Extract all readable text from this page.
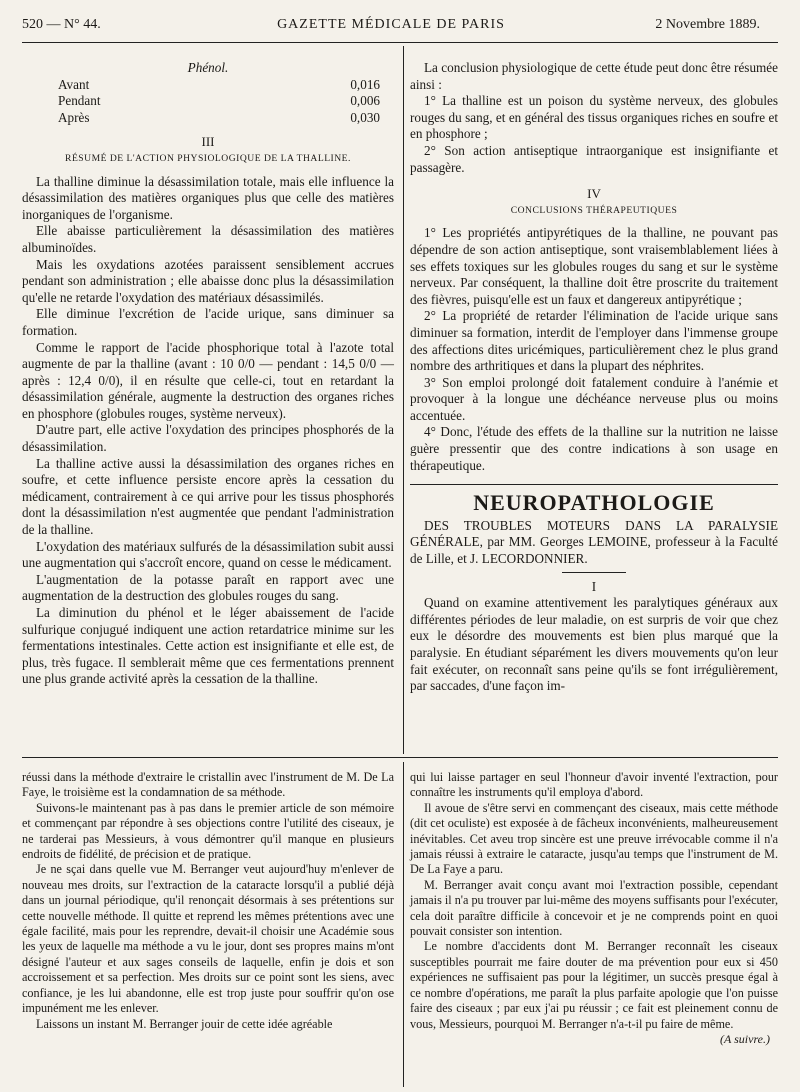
520 — N° 44.	GAZETTE MÉDICALE DE PARIS	2 Novembre 1889.
Phénol.
Avant	0,016
Pendant	0,006
Après	0,030
III
RÉSUMÉ DE L'ACTION PHYSIOLOGIQUE DE LA THALLINE.

La thalline diminue la désassimilation totale, mais elle influence la désassimilation des matières organiques plus que celle des matières inorganiques de l'organisme.

Elle abaisse particulièrement la désassimilation des matières albuminoïdes.

Mais les oxydations azotées paraissent sensiblement accrues pendant son administration ; elle abaisse donc plus la désassimilation qu'elle ne retarde l'oxydation des matériaux désassimilés.

Elle diminue l'excrétion de l'acide urique, sans diminuer sa formation.

Comme le rapport de l'acide phosphorique total à l'azote total augmente de par la thalline (avant : 10 0/0 — pendant : 14,5 0/0 — après : 12,4 0/0), il en résulte que celle-ci, tout en retardant la désassimilation générale, augmente la destruction des organes riches en phosphore (globules rouges, système nerveux).

D'autre part, elle active l'oxydation des principes phosphorés de la désassimilation.

La thalline active aussi la désassimilation des organes riches en soufre, et cette influence persiste encore après la cessation du médicament, contrairement à ce qui arrive pour les tissus phosphorés dont la désassimilation n'est augmentée que pendant l'administration de la thalline.

L'oxydation des matériaux sulfurés de la désassimilation subit aussi une augmentation qui s'accroît encore, quand on cesse le médicament.

L'augmentation de la potasse paraît en rapport avec une augmentation de la destruction des globules rouges du sang.

La diminution du phénol et le léger abaissement de l'acide sulfurique conjugué indiquent une action retardatrice minime sur les fermentations intestinales. Cette action est insignifiante et elle est, de plus, très fugace. Il semblerait même que ces fermentations prennent une plus grande activité après la cessation de la thalline.

La conclusion physiologique de cette étude peut donc être résumée ainsi :

1° La thalline est un poison du système nerveux, des globules rouges du sang, et en général des tissus organiques riches en soufre et en phosphore ;

2° Son action antiseptique intraorganique est insignifiante et passagère.

IV
CONCLUSIONS THÉRAPEUTIQUES

1° Les propriétés antipyrétiques de la thalline, ne pouvant pas dépendre de son action antiseptique, sont vraisemblablement liées à ses effets toxiques sur les globules rouges du sang et sur le système nerveux. Par conséquent, la thalline doit être proscrite du traitement des fièvres, puisqu'elle est un faux et dangereux antipyrétique ;

2° La propriété de retarder l'élimination de l'acide urique sans diminuer sa formation, interdit de l'employer dans l'immense groupe des affections dites uricémiques, particulièrement chez le plus grand nombre des arthritiques et dans la plupart des néphrites.

3° Son emploi prolongé doit fatalement conduire à l'anémie et provoquer à la longue une déchéance nerveuse plus ou moins accentuée.

4° Donc, l'étude des effets de la thalline sur la nutrition ne laisse guère pressentir que des contre indications à son usage en thérapeutique.

NEUROPATHOLOGIE

DES TROUBLES MOTEURS DANS LA PARALYSIE GÉNÉRALE, par MM. Georges LEMOINE, professeur à la Faculté de Lille, et J. LECORDONNIER.

I

Quand on examine attentivement les paralytiques généraux aux différentes périodes de leur maladie, on est surpris de voir que chez eux le désordre des mouvements est bien plus marqué que la paralysie. En étudiant séparément les divers mouvements qu'on leur fait exécuter, on reconnaît sans peine qu'ils se font irrégulièrement, par saccades, d'une façon im-

réussi dans la méthode d'extraire le cristallin avec l'instrument de M. De La Faye, le troisième est la condamnation de sa méthode.

Suivons-le maintenant pas à pas dans le premier article de son mémoire et commençant par répondre à ses objections contre l'utilité des ciseaux, je ne tarderai pas Messieurs, à vous démontrer qu'il manque en plusieurs endroits de fidélité, de précision et de pratique.

Je ne sçai dans quelle vue M. Berranger veut aujourd'huy m'enlever de nouveau mes droits, sur l'extraction de la cataracte lorsqu'il a publié déjà dans un journal périodique, qu'il renonçait désormais à ses prétentions sur cette nouvelle méthode. Il quitte et reprend les mêmes prétentions avec une égale facilité, mais pour les reprendre, devait-il choisir une Académie sous les yeux de laquelle ma méthode a vu le jour, dont ses propres mains m'ont désigné l'auteur et aux sages conseils de laquelle, enfin je dois et son accroissement et sa perfection. Mes droits sur ce point sont les siens, avec confiance, je les lui abandonne, elle est trop juste pour souffrir qu'on ose impunément me les enlever.

Laissons un instant M. Berranger jouir de cette idée agréable

qui lui laisse partager en seul l'honneur d'avoir inventé l'extraction, pour connaître les instruments qu'il employa d'abord.

Il avoue de s'être servi en commençant des ciseaux, mais cette méthode (dit cet oculiste) est exposée à de fâcheux inconvénients, malheureusement inévitables. Cet aveu trop sincère est une preuve irrévocable comme il n'a jamais réussi à extraire le cataracte, jusqu'au temps que l'instrument de M. De La Faye a paru.

M. Berranger avait conçu avant moi l'extraction possible, cependant jamais il n'a pu trouver par lui-même des moyens suffisants pour l'exécuter, cela doit paraître difficile à concevoir et je ne comprends point en quoi pouvait consister son intention.

Le nombre d'accidents dont M. Berranger reconnaît les ciseaux susceptibles pourrait me faire douter de ma prévention pour eux si 450 expériences ne suffisaient pas pour la légitimer, un succès presque égal à ce nombre d'opérations, me paraît la plus parfaite apologie que l'on puisse faire des ciseaux ; par eux j'ai pu réussir ; ce fait est pleinement connu de vous, Messieurs, pourquoi M. Berranger n'a-t-il pu faire de même.

(A suivre.)
